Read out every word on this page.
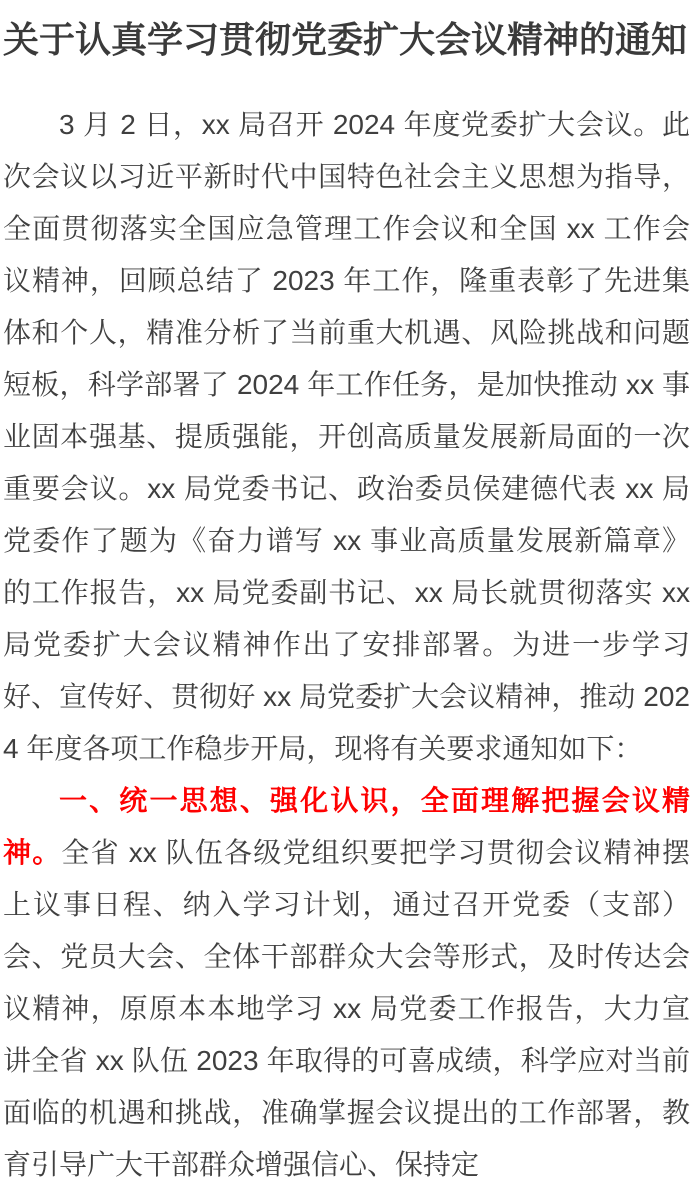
关于认真学习贯彻党委扩大会议精神的通知

3 月 2 日，xx 局召开 2024 年度党委扩大会议。此次会议以习近平新时代中国特色社会主义思想为指导，全面贯彻落实全国应急管理工作会议和全国 xx 工作会议精神，回顾总结了 2023 年工作，隆重表彰了先进集体和个人，精准分析了当前重大机遇、风险挑战和问题短板，科学部署了 2024 年工作任务，是加快推动 xx 事业固本强基、提质强能，开创高质量发展新局面的一次重要会议。xx 局党委书记、政治委员侯建德代表 xx 局党委作了题为《奋力谱写 xx 事业高质量发展新篇章》的工作报告，xx 局党委副书记、xx 局长就贯彻落实 xx 局党委扩大会议精神作出了安排部署。为进一步学习好、宣传好、贯彻好 xx 局党委扩大会议精神，推动 2024 年度各项工作稳步开局，现将有关要求通知如下：

一、统一思想、强化认识，全面理解把握会议精神。全省 xx 队伍各级党组织要把学习贯彻会议精神摆上议事日程、纳入学习计划，通过召开党委（支部）会、党员大会、全体干部群众大会等形式，及时传达会议精神，原原本本地学习 xx 局党委工作报告，大力宣讲全省 xx 队伍 2023 年取得的可喜成绩，科学应对当前面临的机遇和挑战，准确掌握会议提出的工作部署，教育引导广大干部群众增强信心、保持定
